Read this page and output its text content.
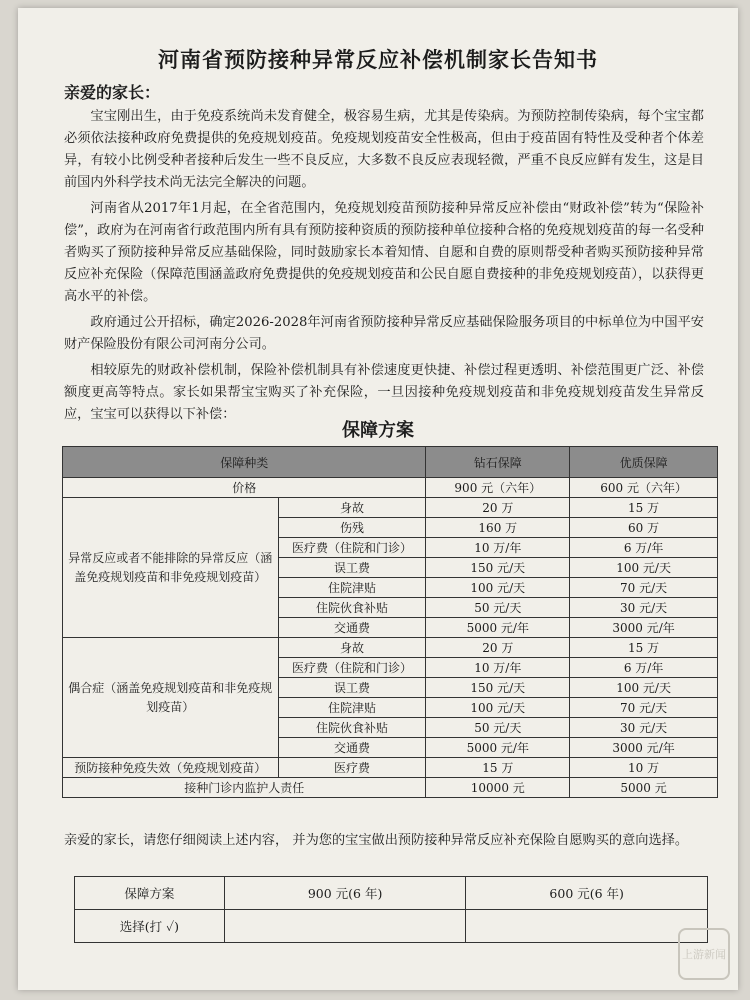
河南省预防接种异常反应补偿机制家长告知书
亲爱的家长：

宝宝刚出生，由于免疫系统尚未发育健全，极容易生病，尤其是传染病。为预防控制传染病，每个宝宝都必须依法接种政府免费提供的免疫规划疫苗。免疫规划疫苗安全性极高，但由于疫苗固有特性及受种者个体差异，有较小比例受种者接种后发生一些不良反应，大多数不良反应表现轻微，严重不良反应鲜有发生，这是目前国内外科学技术尚无法完全解决的问题。

河南省从2017年1月起，在全省范围内，免疫规划疫苗预防接种异常反应补偿由“财政补偿”转为“保险补偿”，政府为在河南省行政范围内所有具有预防接种资质的预防接种单位接种合格的免疫规划疫苗的每一名受种者购买了预防接种异常反应基础保险，同时鼓励家长本着知情、自愿和自费的原则帮受种者购买预防接种异常反应补充保险（保障范围涵盖政府免费提供的免疫规划疫苗和公民自愿自费接种的非免疫规划疫苗），以获得更高水平的补偿。

政府通过公开招标，确定2026-2028年河南省预防接种异常反应基础保险服务项目的中标单位为中国平安财产保险股份有限公司河南分公司。

相较原先的财政补偿机制，保险补偿机制具有补偿速度更快捷、补偿过程更透明、补偿范围更广泛、补偿额度更高等特点。家长如果帮宝宝购买了补充保险，一旦因接种免疫规划疫苗和非免疫规划疫苗发生异常反应，宝宝可以获得以下补偿：

保障方案
保障种类		钻石保障	优质保障
价格		900 元（六年）	600 元（六年）
异常反应或者不能排除的异常反应（涵盖免疫规划疫苗和非免疫规划疫苗）	身故	20 万	15 万
	伤残	160 万	60 万
	医疗费（住院和门诊）	10 万/年	6 万/年
	误工费	150 元/天	100 元/天
	住院津贴	100 元/天	70 元/天
	住院伙食补贴	50 元/天	30 元/天
	交通费	5000 元/年	3000 元/年
偶合症（涵盖免疫规划疫苗和非免疫规划疫苗）	身故	20 万	15 万
	医疗费（住院和门诊）	10 万/年	6 万/年
	误工费	150 元/天	100 元/天
	住院津贴	100 元/天	70 元/天
	住院伙食补贴	50 元/天	30 元/天
	交通费	5000 元/年	3000 元/年
预防接种免疫失效（免疫规划疫苗）	医疗费	15 万	10 万
接种门诊内监护人责任		10000 元	5000 元
亲爱的家长，请您仔细阅读上述内容， 并为您的宝宝做出预防接种异常反应补充保险自愿购买的意向选择。
保障方案	900 元(6 年)	600 元(6 年)
选择(打 ✓)		
上游新闻
